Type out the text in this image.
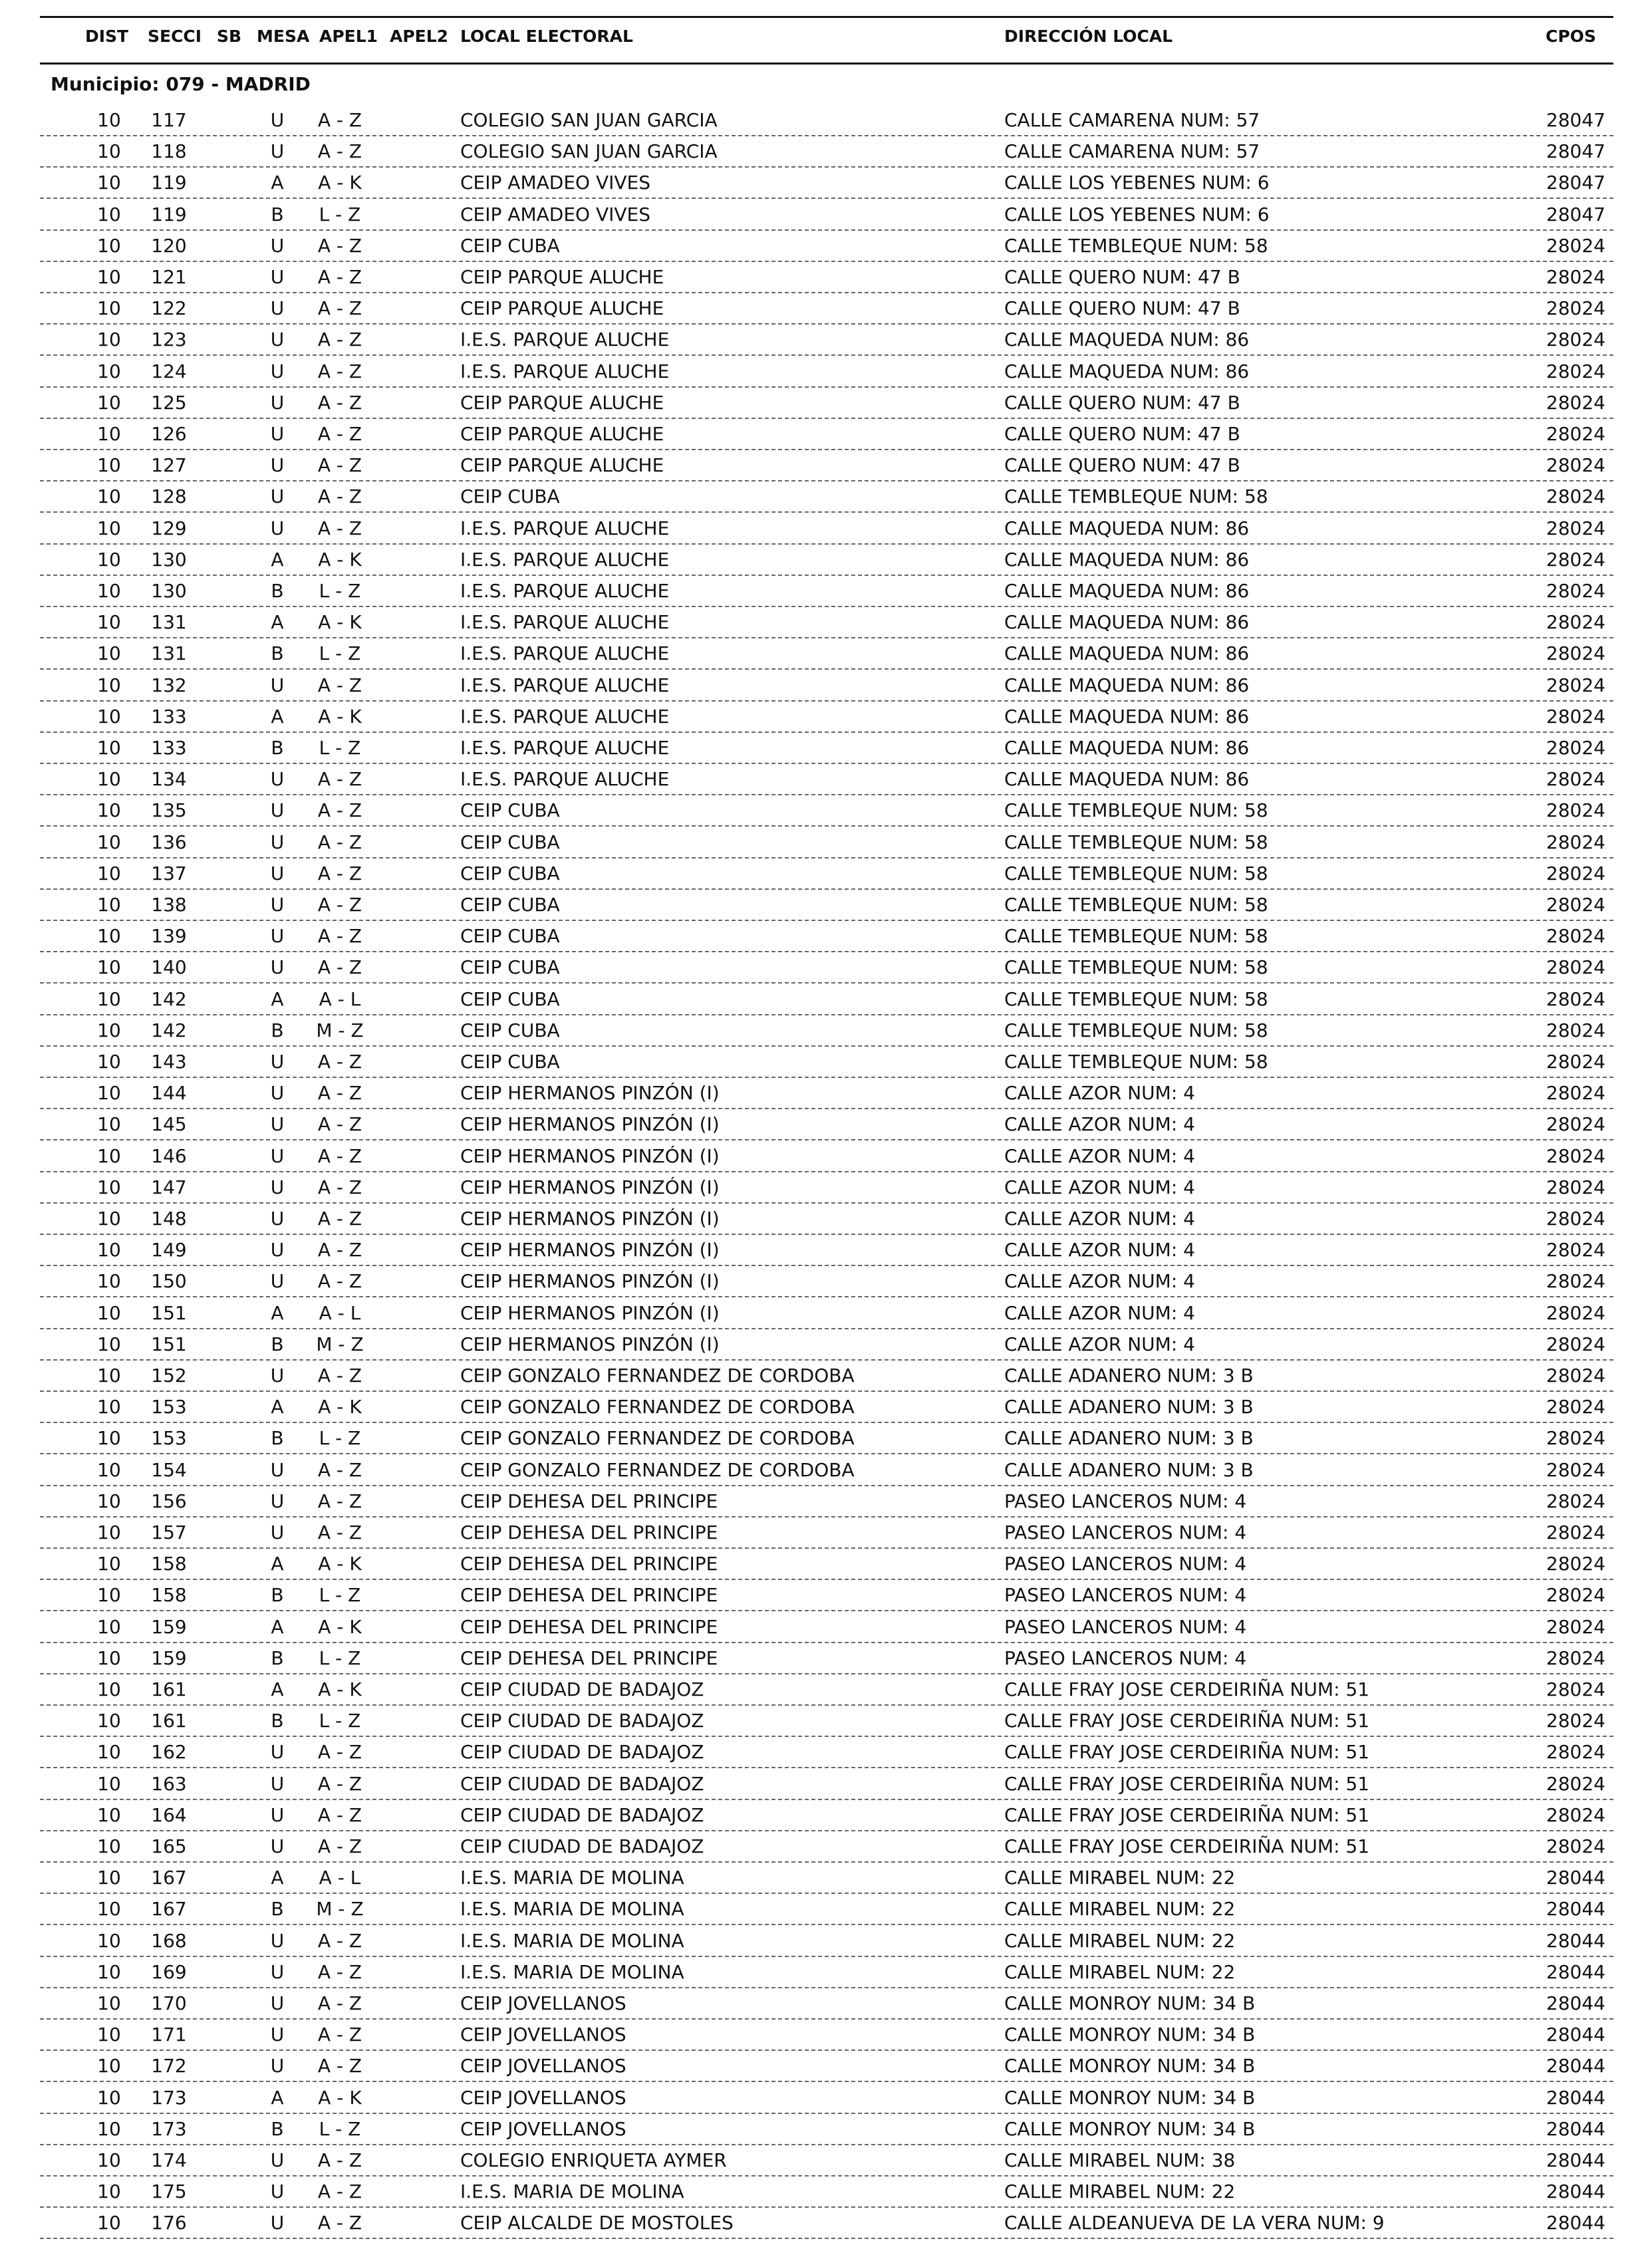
DIST SECCI SB MESA APEL1 APEL2 LOCAL ELECTORAL	DIRECCIÓN LOCAL	CPOS
Municipio: 079 - MADRID
10 117	U	A - Z	COLEGIO SAN JUAN GARCIA	CALLE CAMARENA NUM: 57	28047
10 118	U	A - Z	COLEGIO SAN JUAN GARCIA	CALLE CAMARENA NUM: 57	28047
10 119	A	A - K	CEIP AMADEO VIVES	CALLE LOS YEBENES NUM: 6	28047
10 119	B	L - Z	CEIP AMADEO VIVES	CALLE LOS YEBENES NUM: 6	28047
10 120	U	A - Z	CEIP CUBA	CALLE TEMBLEQUE NUM: 58	28024
10 121	U	A - Z	CEIP PARQUE ALUCHE	CALLE QUERO NUM: 47 B	28024
10 122	U	A - Z	CEIP PARQUE ALUCHE	CALLE QUERO NUM: 47 B	28024
10 123	U	A - Z	I.E.S. PARQUE ALUCHE	CALLE MAQUEDA NUM: 86	28024
10 124	U	A - Z	I.E.S. PARQUE ALUCHE	CALLE MAQUEDA NUM: 86	28024
10 125	U	A - Z	CEIP PARQUE ALUCHE	CALLE QUERO NUM: 47 B	28024
10 126	U	A - Z	CEIP PARQUE ALUCHE	CALLE QUERO NUM: 47 B	28024
10 127	U	A - Z	CEIP PARQUE ALUCHE	CALLE QUERO NUM: 47 B	28024
10 128	U	A - Z	CEIP CUBA	CALLE TEMBLEQUE NUM: 58	28024
10 129	U	A - Z	I.E.S. PARQUE ALUCHE	CALLE MAQUEDA NUM: 86	28024
10 130	A	A - K	I.E.S. PARQUE ALUCHE	CALLE MAQUEDA NUM: 86	28024
10 130	B	L - Z	I.E.S. PARQUE ALUCHE	CALLE MAQUEDA NUM: 86	28024
10 131	A	A - K	I.E.S. PARQUE ALUCHE	CALLE MAQUEDA NUM: 86	28024
10 131	B	L - Z	I.E.S. PARQUE ALUCHE	CALLE MAQUEDA NUM: 86	28024
10 132	U	A - Z	I.E.S. PARQUE ALUCHE	CALLE MAQUEDA NUM: 86	28024
10 133	A	A - K	I.E.S. PARQUE ALUCHE	CALLE MAQUEDA NUM: 86	28024
10 133	B	L - Z	I.E.S. PARQUE ALUCHE	CALLE MAQUEDA NUM: 86	28024
10 134	U	A - Z	I.E.S. PARQUE ALUCHE	CALLE MAQUEDA NUM: 86	28024
10 135	U	A - Z	CEIP CUBA	CALLE TEMBLEQUE NUM: 58	28024
10 136	U	A - Z	CEIP CUBA	CALLE TEMBLEQUE NUM: 58	28024
10 137	U	A - Z	CEIP CUBA	CALLE TEMBLEQUE NUM: 58	28024
10 138	U	A - Z	CEIP CUBA	CALLE TEMBLEQUE NUM: 58	28024
10 139	U	A - Z	CEIP CUBA	CALLE TEMBLEQUE NUM: 58	28024
10 140	U	A - Z	CEIP CUBA	CALLE TEMBLEQUE NUM: 58	28024
10 142	A	A - L	CEIP CUBA	CALLE TEMBLEQUE NUM: 58	28024
10 142	B	M - Z	CEIP CUBA	CALLE TEMBLEQUE NUM: 58	28024
10 143	U	A - Z	CEIP CUBA	CALLE TEMBLEQUE NUM: 58	28024
10 144	U	A - Z	CEIP HERMANOS PINZÓN (I)	CALLE AZOR NUM: 4	28024
10 145	U	A - Z	CEIP HERMANOS PINZÓN (I)	CALLE AZOR NUM: 4	28024
10 146	U	A - Z	CEIP HERMANOS PINZÓN (I)	CALLE AZOR NUM: 4	28024
10 147	U	A - Z	CEIP HERMANOS PINZÓN (I)	CALLE AZOR NUM: 4	28024
10 148	U	A - Z	CEIP HERMANOS PINZÓN (I)	CALLE AZOR NUM: 4	28024
10 149	U	A - Z	CEIP HERMANOS PINZÓN (I)	CALLE AZOR NUM: 4	28024
10 150	U	A - Z	CEIP HERMANOS PINZÓN (I)	CALLE AZOR NUM: 4	28024
10 151	A	A - L	CEIP HERMANOS PINZÓN (I)	CALLE AZOR NUM: 4	28024
10 151	B	M - Z	CEIP HERMANOS PINZÓN (I)	CALLE AZOR NUM: 4	28024
10 152	U	A - Z	CEIP GONZALO FERNANDEZ DE CORDOBA	CALLE ADANERO NUM: 3 B	28024
10 153	A	A - K	CEIP GONZALO FERNANDEZ DE CORDOBA	CALLE ADANERO NUM: 3 B	28024
10 153	B	L - Z	CEIP GONZALO FERNANDEZ DE CORDOBA	CALLE ADANERO NUM: 3 B	28024
10 154	U	A - Z	CEIP GONZALO FERNANDEZ DE CORDOBA	CALLE ADANERO NUM: 3 B	28024
10 156	U	A - Z	CEIP DEHESA DEL PRINCIPE	PASEO LANCEROS NUM: 4	28024
10 157	U	A - Z	CEIP DEHESA DEL PRINCIPE	PASEO LANCEROS NUM: 4	28024
10 158	A	A - K	CEIP DEHESA DEL PRINCIPE	PASEO LANCEROS NUM: 4	28024
10 158	B	L - Z	CEIP DEHESA DEL PRINCIPE	PASEO LANCEROS NUM: 4	28024
10 159	A	A - K	CEIP DEHESA DEL PRINCIPE	PASEO LANCEROS NUM: 4	28024
10 159	B	L - Z	CEIP DEHESA DEL PRINCIPE	PASEO LANCEROS NUM: 4	28024
10 161	A	A - K	CEIP CIUDAD DE BADAJOZ	CALLE FRAY JOSE CERDEIRIÑA NUM: 51	28024
10 161	B	L - Z	CEIP CIUDAD DE BADAJOZ	CALLE FRAY JOSE CERDEIRIÑA NUM: 51	28024
10 162	U	A - Z	CEIP CIUDAD DE BADAJOZ	CALLE FRAY JOSE CERDEIRIÑA NUM: 51	28024
10 163	U	A - Z	CEIP CIUDAD DE BADAJOZ	CALLE FRAY JOSE CERDEIRIÑA NUM: 51	28024
10 164	U	A - Z	CEIP CIUDAD DE BADAJOZ	CALLE FRAY JOSE CERDEIRIÑA NUM: 51	28024
10 165	U	A - Z	CEIP CIUDAD DE BADAJOZ	CALLE FRAY JOSE CERDEIRIÑA NUM: 51	28024
10 167	A	A - L	I.E.S. MARIA DE MOLINA	CALLE MIRABEL NUM: 22	28044
10 167	B	M - Z	I.E.S. MARIA DE MOLINA	CALLE MIRABEL NUM: 22	28044
10 168	U	A - Z	I.E.S. MARIA DE MOLINA	CALLE MIRABEL NUM: 22	28044
10 169	U	A - Z	I.E.S. MARIA DE MOLINA	CALLE MIRABEL NUM: 22	28044
10 170	U	A - Z	CEIP JOVELLANOS	CALLE MONROY NUM: 34 B	28044
10 171	U	A - Z	CEIP JOVELLANOS	CALLE MONROY NUM: 34 B	28044
10 172	U	A - Z	CEIP JOVELLANOS	CALLE MONROY NUM: 34 B	28044
10 173	A	A - K	CEIP JOVELLANOS	CALLE MONROY NUM: 34 B	28044
10 173	B	L - Z	CEIP JOVELLANOS	CALLE MONROY NUM: 34 B	28044
10 174	U	A - Z	COLEGIO ENRIQUETA AYMER	CALLE MIRABEL NUM: 38	28044
10 175	U	A - Z	I.E.S. MARIA DE MOLINA	CALLE MIRABEL NUM: 22	28044
10 176	U	A - Z	CEIP ALCALDE DE MOSTOLES	CALLE ALDEANUEVA DE LA VERA NUM: 9	28044
